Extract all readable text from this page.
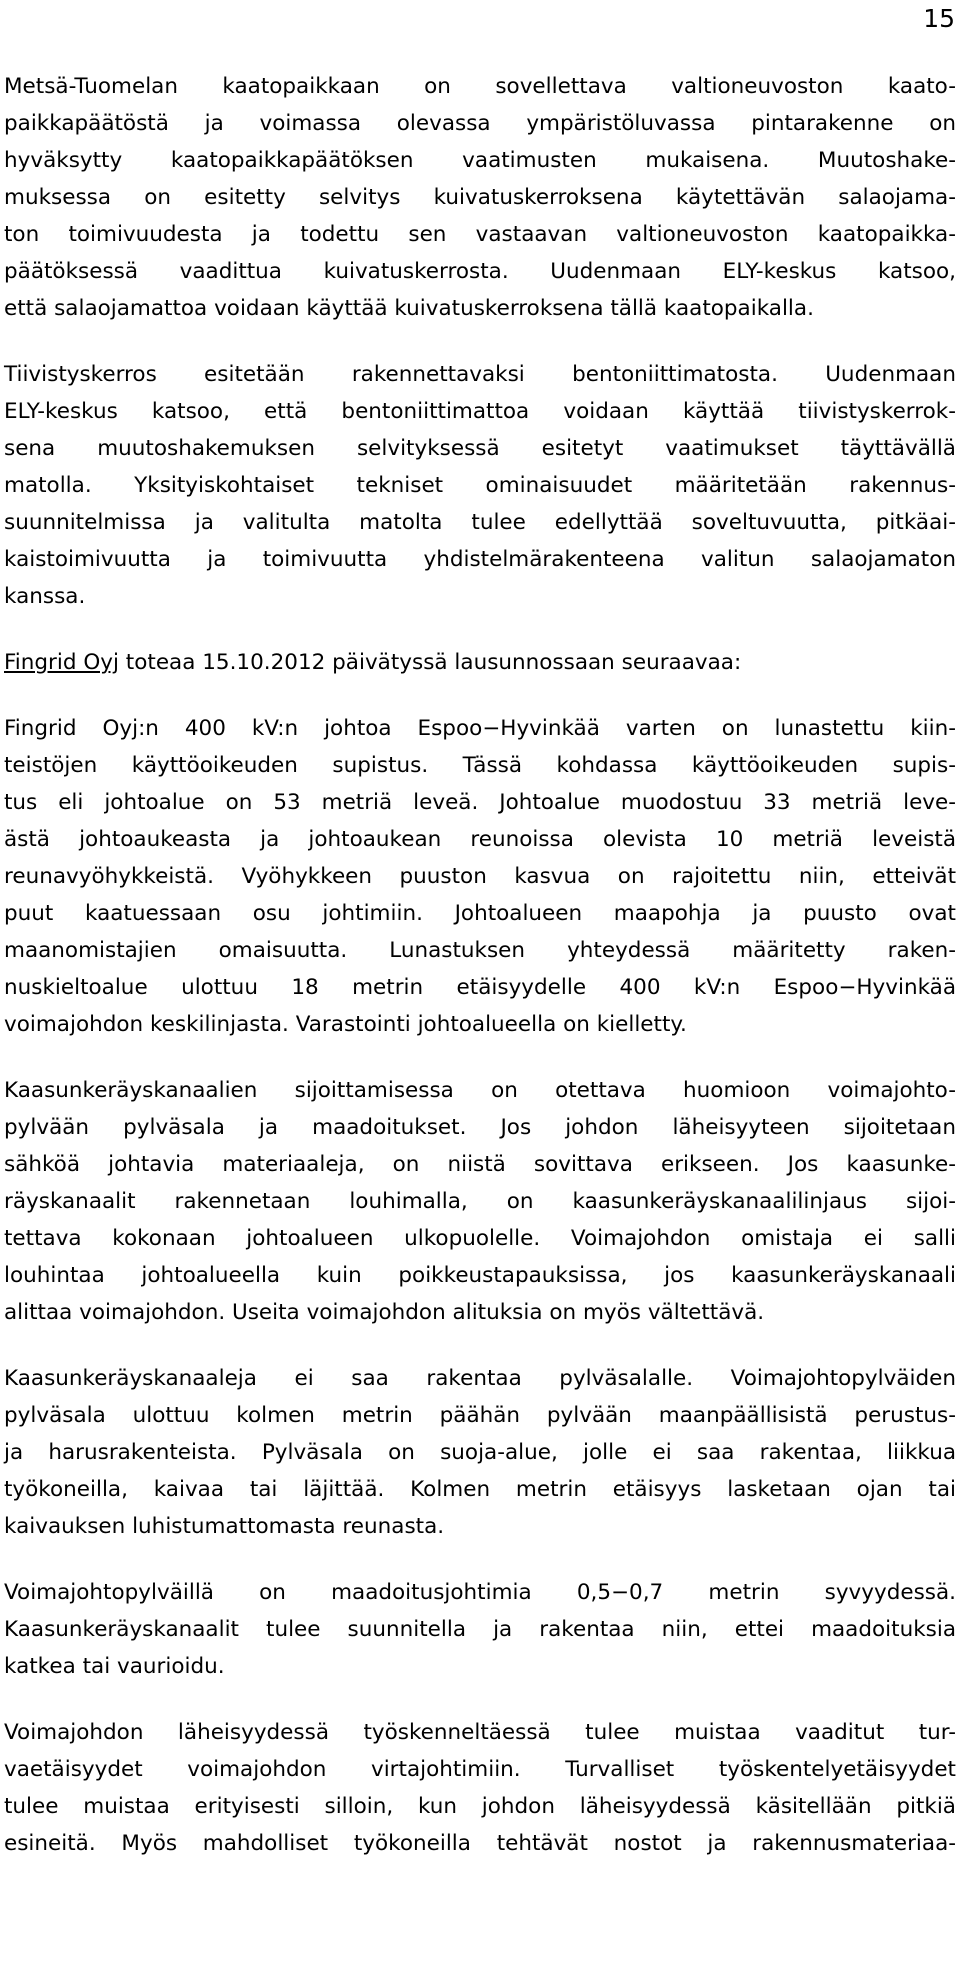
15
Metsä-Tuomelan kaatopaikkaan on sovellettava valtioneuvoston kaato-
paikkapäätöstä ja voimassa olevassa ympäristöluvassa pintarakenne on
hyväksytty kaatopaikkapäätöksen vaatimusten mukaisena. Muutoshake-
muksessa on esitetty selvitys kuivatuskerroksena käytettävän salaojama-
ton toimivuudesta ja todettu sen vastaavan valtioneuvoston kaatopaikka-
päätöksessä vaadittua kuivatuskerrosta. Uudenmaan ELY-keskus katsoo,
että salaojamattoa voidaan käyttää kuivatuskerroksena tällä kaatopaikalla.
Tiivistyskerros esitetään rakennettavaksi bentoniittimatosta. Uudenmaan
ELY-keskus katsoo, että bentoniittimattoa voidaan käyttää tiivistyskerrok-
sena muutoshakemuksen selvityksessä esitetyt vaatimukset täyttävällä
matolla. Yksityiskohtaiset tekniset ominaisuudet määritetään rakennus-
suunnitelmissa ja valitulta matolta tulee edellyttää soveltuvuutta, pitkäai-
kaistoimivuutta ja toimivuutta yhdistelmärakenteena valitun salaojamaton
kanssa.
Fingrid Oyj toteaa 15.10.2012 päivätyssä lausunnossaan seuraavaa:
Fingrid Oyj:n 400 kV:n johtoa Espoo−Hyvinkää varten on lunastettu kiin-
teistöjen käyttöoikeuden supistus. Tässä kohdassa käyttöoikeuden supis-
tus eli johtoalue on 53 metriä leveä. Johtoalue muodostuu 33 metriä leve-
ästä johtoaukeasta ja johtoaukean reunoissa olevista 10 metriä leveistä
reunavyöhykkeistä. Vyöhykkeen puuston kasvua on rajoitettu niin, etteivät
puut kaatuessaan osu johtimiin. Johtoalueen maapohja ja puusto ovat
maanomistajien omaisuutta. Lunastuksen yhteydessä määritetty raken-
nuskieltoalue ulottuu 18 metrin etäisyydelle 400 kV:n Espoo−Hyvinkää
voimajohdon keskilinjasta. Varastointi johtoalueella on kielletty.
Kaasunkeräyskanaalien sijoittamisessa on otettava huomioon voimajohto-
pylvään pylväsala ja maadoitukset. Jos johdon läheisyyteen sijoitetaan
sähköä johtavia materiaaleja, on niistä sovittava erikseen. Jos kaasunke-
räyskanaalit rakennetaan louhimalla, on kaasunkeräyskanaalilinjaus sijoi-
tettava kokonaan johtoalueen ulkopuolelle. Voimajohdon omistaja ei salli
louhintaa johtoalueella kuin poikkeustapauksissa, jos kaasunkeräyskanaali
alittaa voimajohdon. Useita voimajohdon alituksia on myös vältettävä.
Kaasunkeräyskanaaleja ei saa rakentaa pylväsalalle. Voimajohtopylväiden
pylväsala ulottuu kolmen metrin päähän pylvään maanpäällisistä perustus-
ja harusrakenteista. Pylväsala on suoja-alue, jolle ei saa rakentaa, liikkua
työkoneilla, kaivaa tai läjittää. Kolmen metrin etäisyys lasketaan ojan tai
kaivauksen luhistumattomasta reunasta.
Voimajohtopylväillä on maadoitusjohtimia 0,5−0,7 metrin syvyydessä.
Kaasunkeräyskanaalit tulee suunnitella ja rakentaa niin, ettei maadoituksia
katkea tai vaurioidu.
Voimajohdon läheisyydessä työskenneltäessä tulee muistaa vaaditut tur-
vaetäisyydet voimajohdon virtajohtimiin. Turvalliset työskentelyetäisyydet
tulee muistaa erityisesti silloin, kun johdon läheisyydessä käsitellään pitkiä
esineitä. Myös mahdolliset työkoneilla tehtävät nostot ja rakennusmateriaa-
